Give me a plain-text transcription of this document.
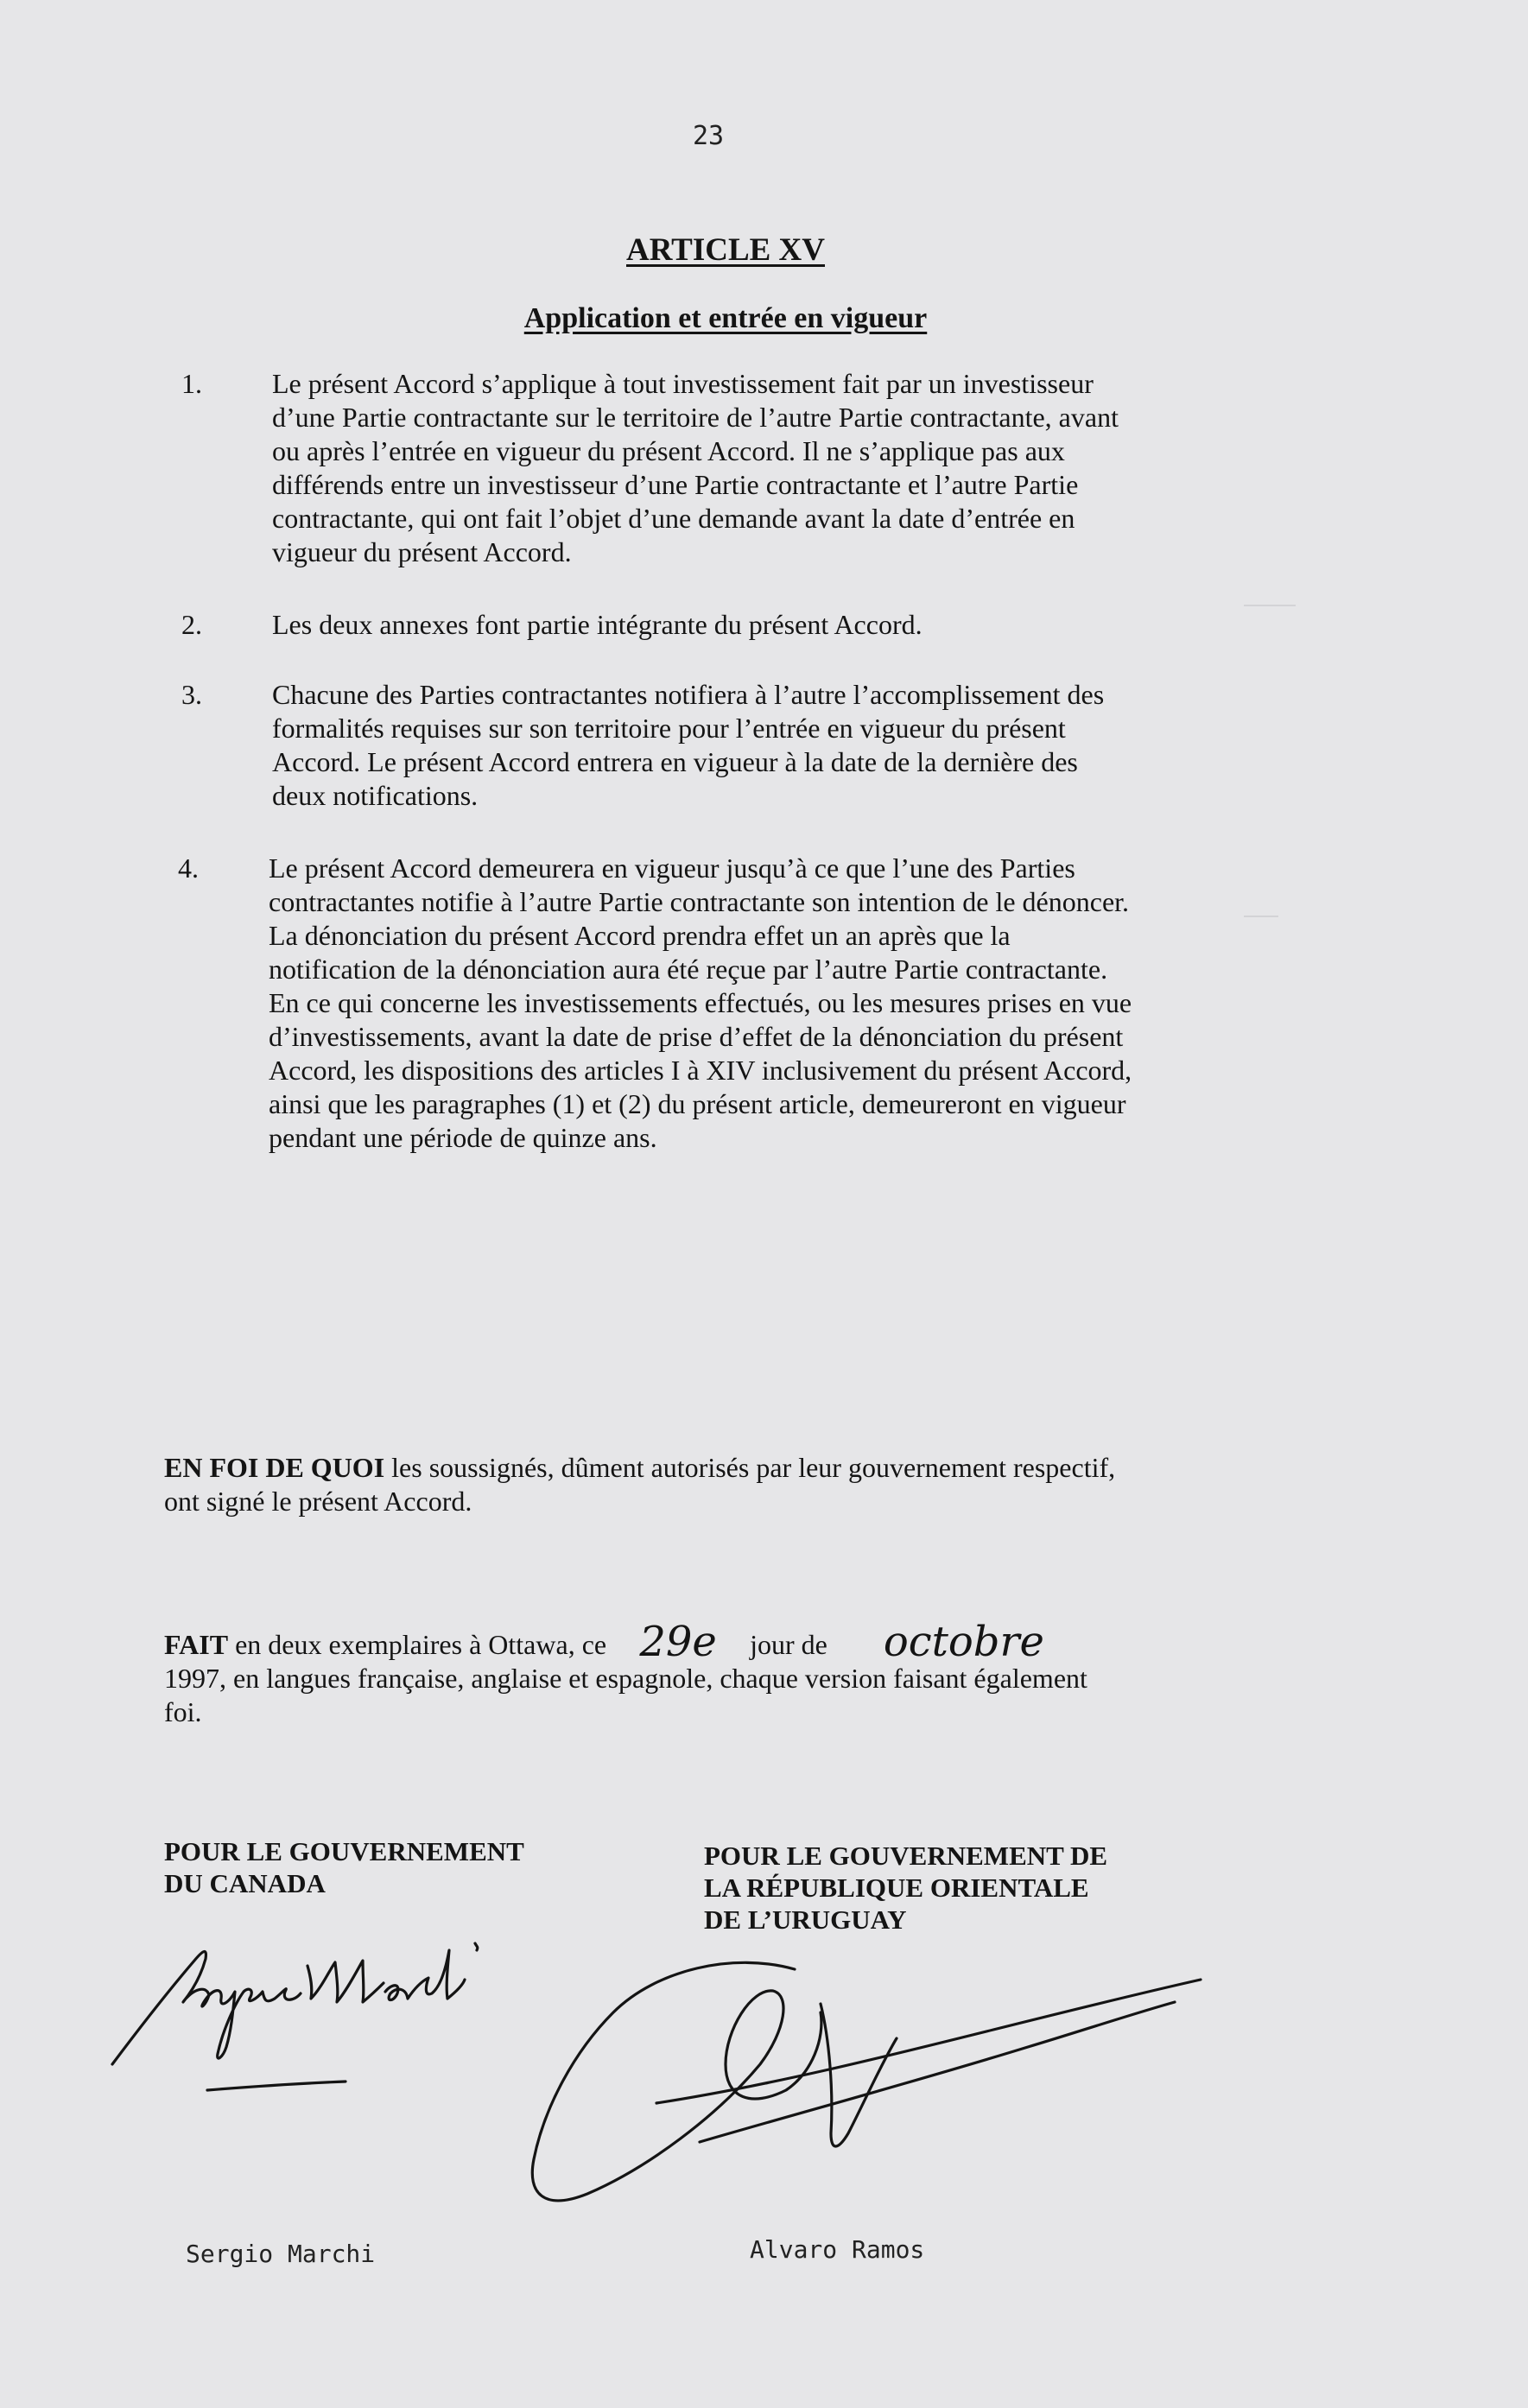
23
ARTICLE XV
Application et entrée en vigueur
1.	Le présent Accord s’applique à tout investissement fait par un investisseur
d’une Partie contractante sur le territoire de l’autre Partie contractante, avant
ou après l’entrée en vigueur du présent Accord. Il ne s’applique pas aux
différends entre un investisseur d’une Partie contractante et l’autre Partie
contractante, qui ont fait l’objet d’une demande avant la date d’entrée en
vigueur du présent Accord.
2.	Les deux annexes font partie intégrante du présent Accord.
3.	Chacune des Parties contractantes notifiera à l’autre l’accomplissement des
formalités requises sur son territoire pour l’entrée en vigueur du présent
Accord. Le présent Accord entrera en vigueur à la date de la dernière des
deux notifications.
4.	Le présent Accord demeurera en vigueur jusqu’à ce que l’une des Parties
contractantes notifie à l’autre Partie contractante son intention de le dénoncer.
La dénonciation du présent Accord prendra effet un an après que la
notification de la dénonciation aura été reçue par l’autre Partie contractante.
En ce qui concerne les investissements effectués, ou les mesures prises en vue
d’investissements, avant la date de prise d’effet de la dénonciation du présent
Accord, les dispositions des articles I à XIV inclusivement du présent Accord,
ainsi que les paragraphes (1) et (2) du présent article, demeureront en vigueur
pendant une période de quinze ans.
EN FOI DE QUOI les soussignés, dûment autorisés par leur gouvernement respectif,
ont signé le présent Accord.
FAIT en deux exemplaires à Ottawa, ce 29e jour de octobre
1997, en langues française, anglaise et espagnole, chaque version faisant également
foi.
POUR LE GOUVERNEMENT
DU CANADA
POUR LE GOUVERNEMENT DE
LA RÉPUBLIQUE ORIENTALE
DE L’URUGUAY
Sergio Marchi	Alvaro Ramos
